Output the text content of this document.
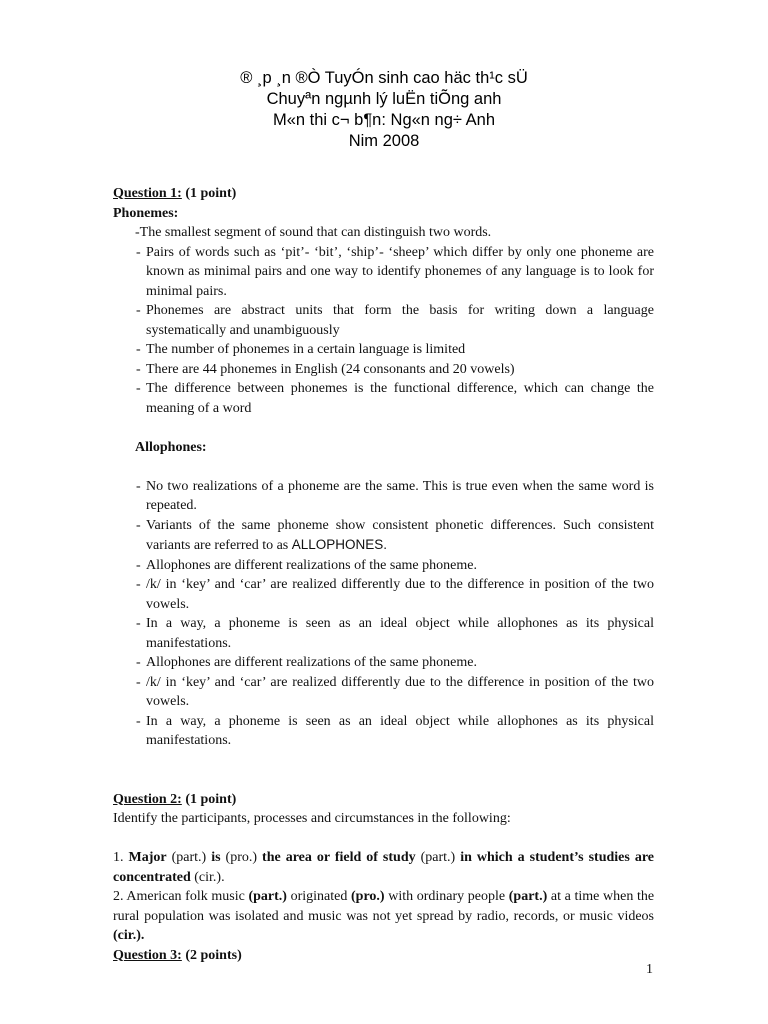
® ¸p ¸n ®Ò TuyÓn sinh cao häc th¹c sÜ
Chuyªn ngµnh lý luËn tiÕng anh
M«n thi c¬ b¶n: Ng«n ng÷ Anh
Nim 2008
Question 1: (1 point)
Phonemes:
-The smallest segment of sound that can distinguish two words.
- Pairs of words such as ‘pit’- ‘bit’, ‘ship’- ‘sheep’ which differ by only one phoneme are known as minimal pairs and one way to identify phonemes of any language is to look for minimal pairs.
- Phonemes are abstract units that form the basis for writing down a language systematically and unambiguously
- The number of phonemes in a certain language is limited
- There are 44 phonemes in English (24 consonants and 20 vowels)
- The difference between phonemes is the functional difference, which can change the meaning of a word
Allophones:
- No two realizations of a phoneme are the same. This is true even when the same word is repeated.
- Variants of the same phoneme show consistent phonetic differences. Such consistent variants are referred to as ALLOPHONES.
- Allophones are different realizations of the same phoneme.
- /k/ in ‘key’ and ‘car’ are realized differently due to the difference in position of the two vowels.
- In a way, a phoneme is seen as an ideal object while allophones as its physical manifestations.
- Allophones are different realizations of the same phoneme.
- /k/ in ‘key’ and ‘car’ are realized differently due to the difference in position of the two vowels.
- In a way, a phoneme is seen as an ideal object while allophones as its physical manifestations.
Question 2: (1 point)
Identify the participants, processes and circumstances in the following:
1. Major (part.) is (pro.) the area or field of study (part.) in which a student’s studies are concentrated (cir.).
2. American folk music (part.) originated (pro.) with ordinary people (part.) at a time when the rural population was isolated and music was not yet spread by radio, records, or music videos (cir.).
Question 3: (2 points)
1
